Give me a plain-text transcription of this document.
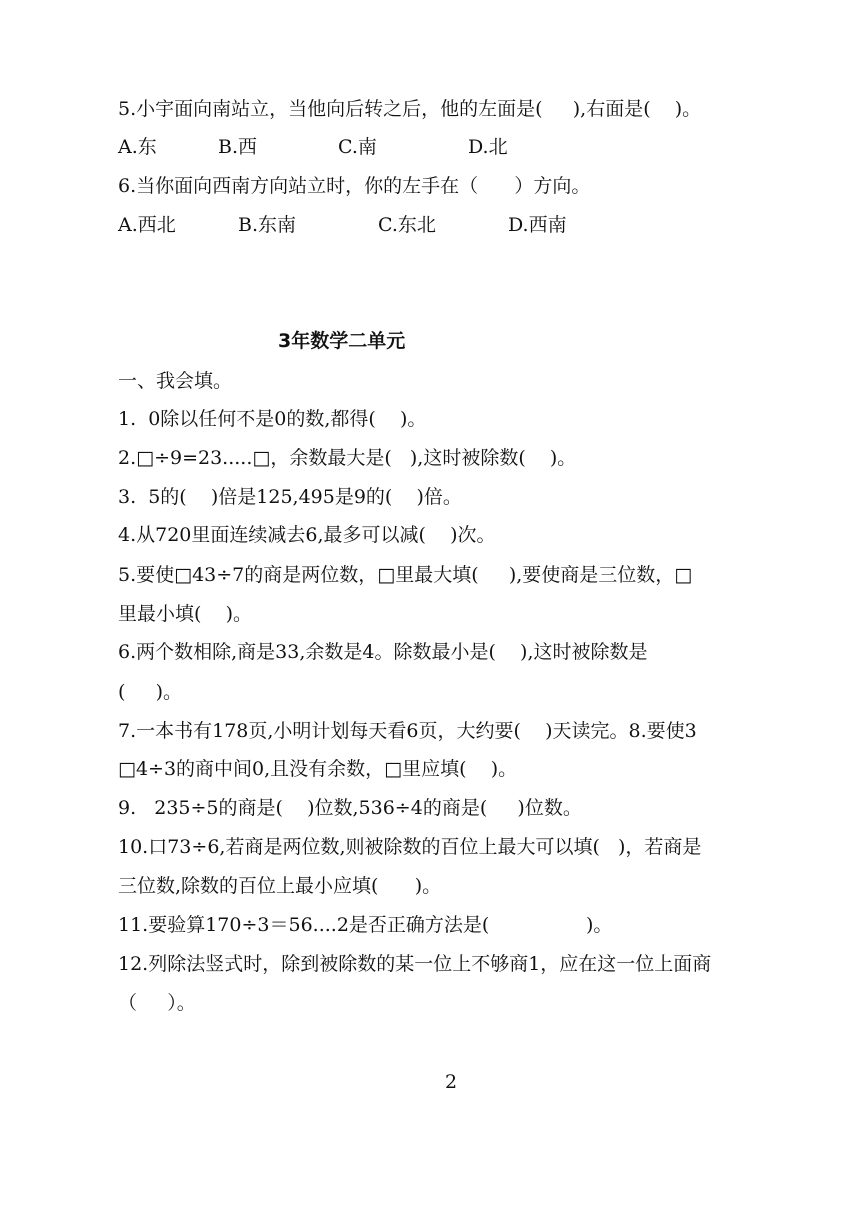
5.小宇面向南站立，当他向后转之后，他的左面是(     ),右面是(    )。
A.东	B.西	C.南	D.北
6.当你面向西南方向站立时，你的左手在（      ）方向。
A.西北	B.东南	C.东北	D.西南
3年数学二单元
一、我会填。
1.  0除以任何不是0的数,都得(    )。
2.□÷9=23.....□，余数最大是(   ),这时被除数(    )。
3.  5的(    )倍是125,495是9的(    )倍。
4.从720里面连续减去6,最多可以减(    )次。
5.要使□43÷7的商是两位数，□里最大填(     ),要使商是三位数，□
里最小填(    )。
6.两个数相除,商是33,余数是4。除数最小是(    ),这时被除数是
(     )。
7.一本书有178页,小明计划每天看6页，大约要(    )天读完。8.要使3
□4÷3的商中间0,且没有余数，□里应填(    )。
9.   235÷5的商是(    )位数,536÷4的商是(     )位数。
10.口73÷6,若商是两位数,则被除数的百位上最大可以填(   )，若商是
三位数,除数的百位上最小应填(      )。
11.要验算170÷3＝56....2是否正确方法是(                )。
12.列除法竖式时，除到被除数的某一位上不够商1，应在这一位上面商
（     ）。
2
